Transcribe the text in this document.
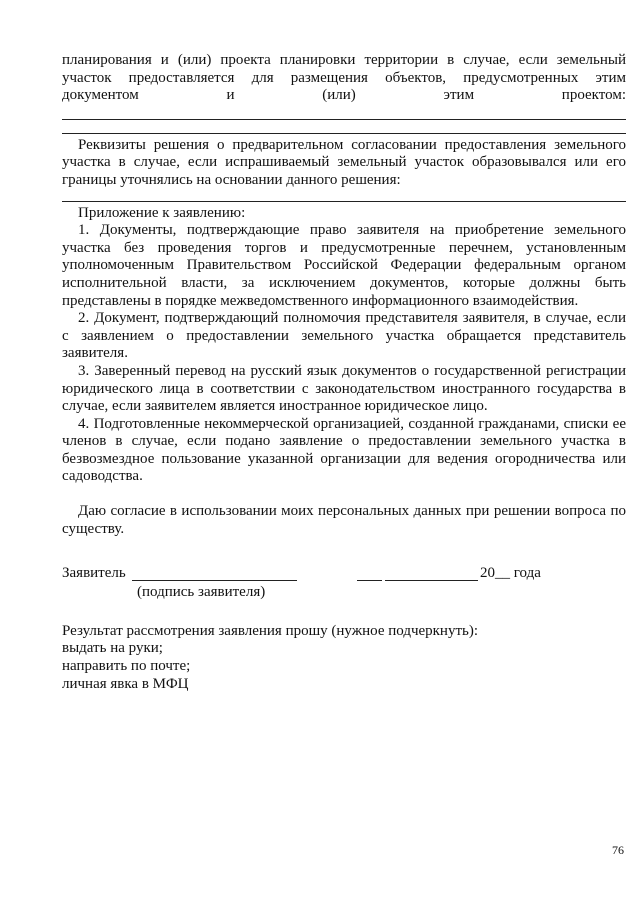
планирования и (или) проекта планировки территории в случае, если земельный участок предоставляется для размещения объектов, предусмотренных этим документом и (или) этим проектом:
Реквизиты решения о предварительном согласовании предоставления земельного участка в случае, если испрашиваемый земельный участок образовывался или его границы уточнялись на основании данного решения:
Приложение к заявлению:
1. Документы, подтверждающие право заявителя на приобретение земельного участка без проведения торгов и предусмотренные перечнем, установленным уполномоченным Правительством Российской Федерации федеральным органом исполнительной власти, за исключением документов, которые должны быть представлены в порядке межведомственного информационного взаимодействия.
2. Документ, подтверждающий полномочия представителя заявителя, в случае, если с заявлением о предоставлении земельного участка обращается представитель заявителя.
3. Заверенный перевод на русский язык документов о государственной регистрации юридического лица в соответствии с законодательством иностранного государства в случае, если заявителем является иностранное юридическое лицо.
4. Подготовленные некоммерческой организацией, созданной гражданами, списки ее членов в случае, если подано заявление о предоставлении земельного участка в безвозмездное пользование указанной организации для ведения огородничества или садоводства.
Даю согласие в использовании моих персональных данных при решении вопроса по существу.
Заявитель	20__ года
(подпись заявителя)
Результат рассмотрения заявления прошу (нужное подчеркнуть):
выдать на руки;
направить по почте;
личная явка в МФЦ
76
